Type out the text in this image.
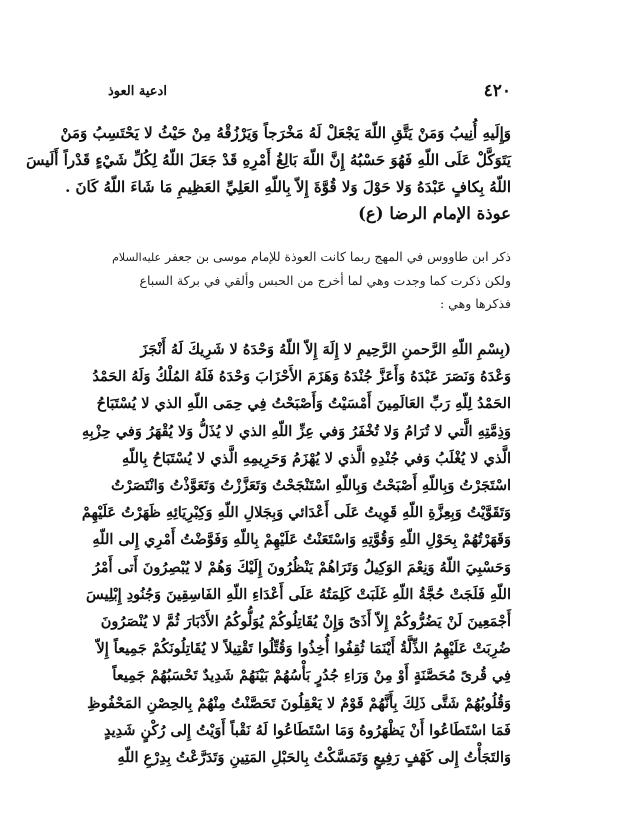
٤٢٠
ادعية العوذ
وَإِلَيهِ أُنِيبُ وَمَنْ يَتَّقِ اللّهَ يَجْعَلْ لَهُ مَخْرَجاً وَيَرْزُقْهُ مِنْ حَيْثُ لا يَحْتَسِبُ وَمَنْ
يَتَوَكَّلْ عَلَى اللّهِ فَهُوَ حَسْبُهُ إِنَّ اللّهَ بَالِغُ أَمْرِهِ قَدْ جَعَلَ اللّهُ لِكُلِّ شَيْءٍ قَدْراً أَلَيسَ
اللّهُ بِكافٍ عَبْدَهُ وَلا حَوْلَ وَلا قُوَّةَ إِلاّ بِاللّهِ العَلِيِّ العَظِيمِ مَا شَاءَ اللّهُ كَانَ .
عوذة الإمام الرضا (ع)
ذكر ابن طاووس في المهج ربما كانت العوذة للإمام موسى بن جعفر عليه‌السلام
ولكن ذكرت كما وجدت وهي لما أخرج من الحبس وألقي في بركة السباع
فذكرها وهي :
(بِسْمِ اللّهِ الرَّحمنِ الرَّحِيمِ لا إِلَهَ إِلاّ اللّهُ وَحْدَهُ لا شَرِيكَ لَهُ أَنْجَزَ
وَعْدَهُ وَنَصَرَ عَبْدَهُ وَأَعَزَّ جُنْدَهُ وَهَزَمَ الأَحْزَابَ وَحْدَهُ فَلَهُ المُلْكُ وَلَهُ الحَمْدُ
الحَمْدُ لِلّهِ رَبِّ العَالَمِينَ أَمْسَيْتُ وَأَصْبَحْتُ فِي حِمَى اللّهِ الذي لا يُسْتَبَاحُ
وَذِمَّتِهِ الَّتي لا تُرَامُ وَلا تُخْفَرُ وَفي عِزِّ اللّهِ الذي لا يُذَلُّ وَلا يُقْهَرُ وَفي حِزْبِهِ
الَّذي لا يُغْلَبُ وَفي جُنْدِهِ الَّذي لا يُهْزَمُ وَحَرِيمِهِ الَّذي لا يُسْتَبَاحُ بِاللّهِ
اسْتَجَرْتُ وَبِاللّهِ أَصْبَحْتُ وَبِاللّهِ اسْتَنْجَحْتُ وَتَعَزَّزْتُ وَتَعَوَّذْتُ وَانْتَصَرْتُ
وَتَقَوَّيْتُ وَبِعِزَّةِ اللّهِ قَوِيتُ عَلَى أَعْدَائي وَبِجَلالِ اللّهِ وَكِبْرِيَائِهِ ظَهَرْتُ عَلَيْهِمْ
وَقَهَرْتُهُمْ بِحَوْلِ اللّهِ وَقُوَّتِهِ وَاسْتَعَنْتُ عَلَيْهِمْ بِاللّهِ وَفَوَّضْتُ أَمْرِي إِلى اللّهِ
وَحَسْبِيَ اللّهُ وَنِعْمَ الوَكِيلُ وَتَرَاهُمْ يَنْظُرُونَ إِلَيْكَ وَهُمْ لا يُبْصِرُونَ أَتى أَمْرُ
اللّهِ فَلَجَتْ حُجَّةُ اللّهِ غَلَبَتْ كَلِمَتُهُ عَلَى أَعْدَاءِ اللّهِ الفَاسِقِينَ وَجُنُودِ إِبْلِيسَ
أَجْمَعِينَ لَنْ يَضُرُّوكُمْ إِلاّ أَذَىً وَإِنْ يُقَاتِلُوكُمْ يُوَلُّوكُمُ الأَدْبَارَ ثُمَّ لا يُنْصَرُونَ
ضُرِبَتْ عَلَيْهِمُ الذِّلَّةُ أَيْنَمَا ثُقِفُوا أُخِذُوا وَقُتِّلُوا تَقْتِيلاً لا يُقَاتِلُونَكُمْ جَمِيعاً إِلاّ
فِي قُرىً مُحَصَّنَةٍ أَوْ مِنْ وَرَاءِ جُدُرٍ بَأْسُهُمْ بَيْنَهُمْ شَدِيدٌ تَحْسَبُهُمْ جَمِيعاً
وَقُلُوبُهُمْ شَتَّى ذَلِكَ بِأَنَّهُمْ قَوْمٌ لا يَعْقِلُونَ تَحَصَّنْتُ مِنْهُمْ بِالحِصْنِ المَحْفُوظِ
فَمَا اسْتَطَاعُوا أَنْ يَظْهَرُوهُ وَمَا اسْتَطَاعُوا لَهُ نَقْباً أَوَيْتُ إِلى رُكْنٍ شَدِيدٍ
وَالتَجَأْتُ إِلى كَهْفٍ رَفِيعٍ وَتَمَسَّكْتُ بِالحَبْلِ المَتِينِ وَتَدَرَّعْتُ بِدِرْعِ اللّهِ
